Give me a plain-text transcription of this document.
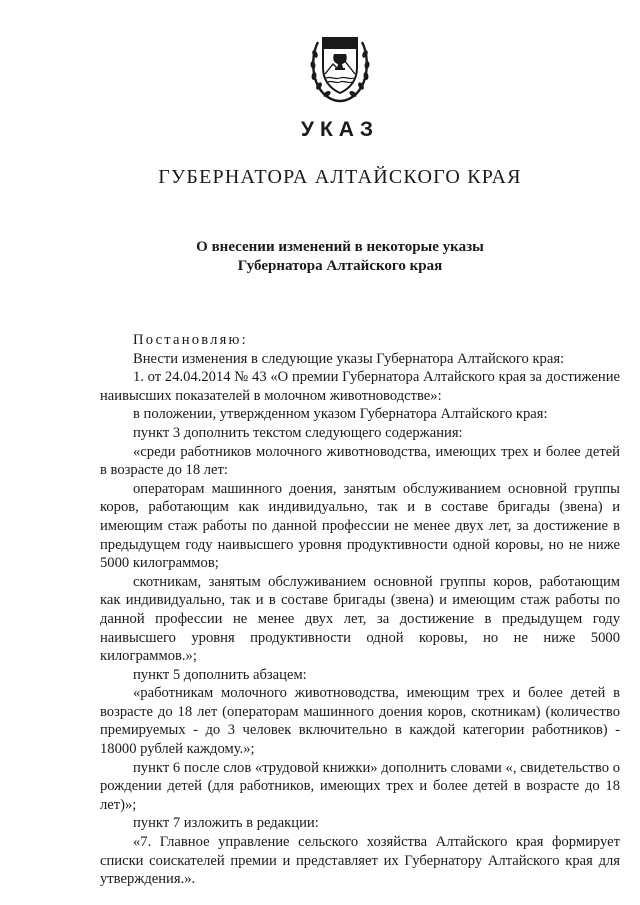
УКАЗ
ГУБЕРНАТОРА АЛТАЙСКОГО КРАЯ
О внесении изменений в некоторые указы
Губернатора Алтайского края

Постановляю:

Внести изменения в следующие указы Губернатора Алтайского края:

1. от 24.04.2014 № 43 «О премии Губернатора Алтайского края за достижение наивысших показателей в молочном животноводстве»:

в положении, утвержденном указом Губернатора Алтайского края:

пункт 3 дополнить текстом следующего содержания:

«среди работников молочного животноводства, имеющих трех и более детей в возрасте до 18 лет:

операторам машинного доения, занятым обслуживанием основной группы коров, работающим как индивидуально, так и в составе бригады (звена) и имеющим стаж работы по данной профессии не менее двух лет, за достижение в предыдущем году наивысшего уровня продуктивности одной коровы, но не ниже 5000 килограммов;

скотникам, занятым обслуживанием основной группы коров, работающим как индивидуально, так и в составе бригады (звена) и имеющим стаж работы по данной профессии не менее двух лет, за достижение в предыдущем году наивысшего уровня продуктивности одной коровы, но не ниже 5000 килограммов.»;

пункт 5 дополнить абзацем:

«работникам молочного животноводства, имеющим трех и более детей в возрасте до 18 лет (операторам машинного доения коров, скотникам) (количество премируемых - до 3 человек включительно в каждой категории работников) - 18000 рублей каждому.»;

пункт 6 после слов «трудовой книжки» дополнить словами «, свидетельство о рождении детей (для работников, имеющих трех и более детей в возрасте до 18 лет)»;

пункт 7 изложить в редакции:

«7. Главное управление сельского хозяйства Алтайского края формирует списки соискателей премии и представляет их Губернатору Алтайского края для утверждения.».
